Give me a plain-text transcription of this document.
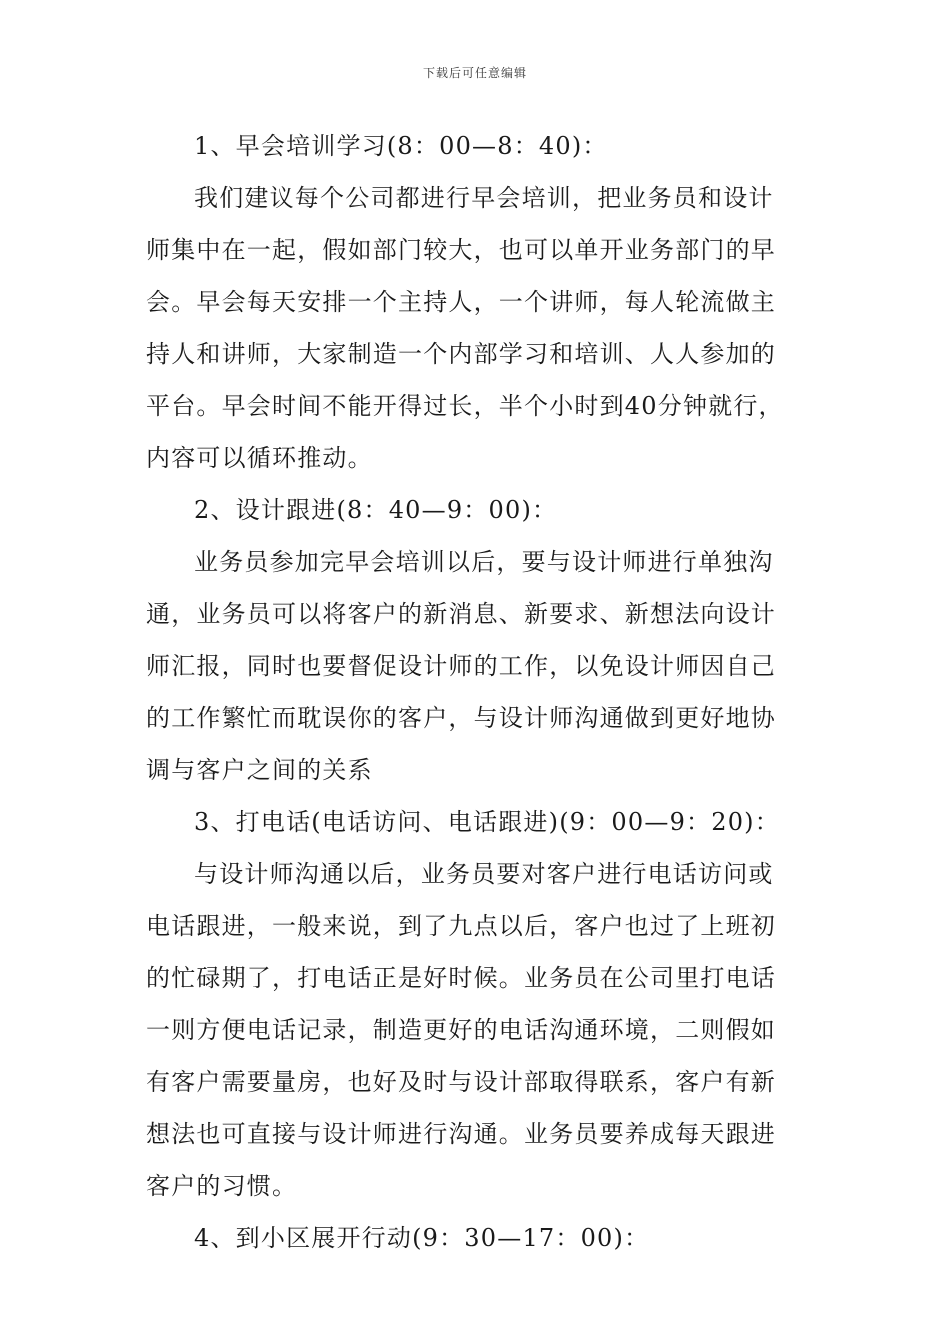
下载后可任意编辑
1、早会培训学习(8：00—8：40)：
我们建议每个公司都进行早会培训，把业务员和设计
师集中在一起，假如部门较大，也可以单开业务部门的早
会。早会每天安排一个主持人，一个讲师，每人轮流做主
持人和讲师，大家制造一个内部学习和培训、人人参加的
平台。早会时间不能开得过长，半个小时到40分钟就行，
内容可以循环推动。
2、设计跟进(8：40—9：00)：
业务员参加完早会培训以后，要与设计师进行单独沟
通，业务员可以将客户的新消息、新要求、新想法向设计
师汇报，同时也要督促设计师的工作，以免设计师因自己
的工作繁忙而耽误你的客户，与设计师沟通做到更好地协
调与客户之间的关系
3、打电话(电话访问、电话跟进)(9：00—9：20)：
与设计师沟通以后，业务员要对客户进行电话访问或
电话跟进，一般来说，到了九点以后，客户也过了上班初
的忙碌期了，打电话正是好时候。业务员在公司里打电话
一则方便电话记录，制造更好的电话沟通环境，二则假如
有客户需要量房，也好及时与设计部取得联系，客户有新
想法也可直接与设计师进行沟通。业务员要养成每天跟进
客户的习惯。
4、到小区展开行动(9：30—17：00)：
